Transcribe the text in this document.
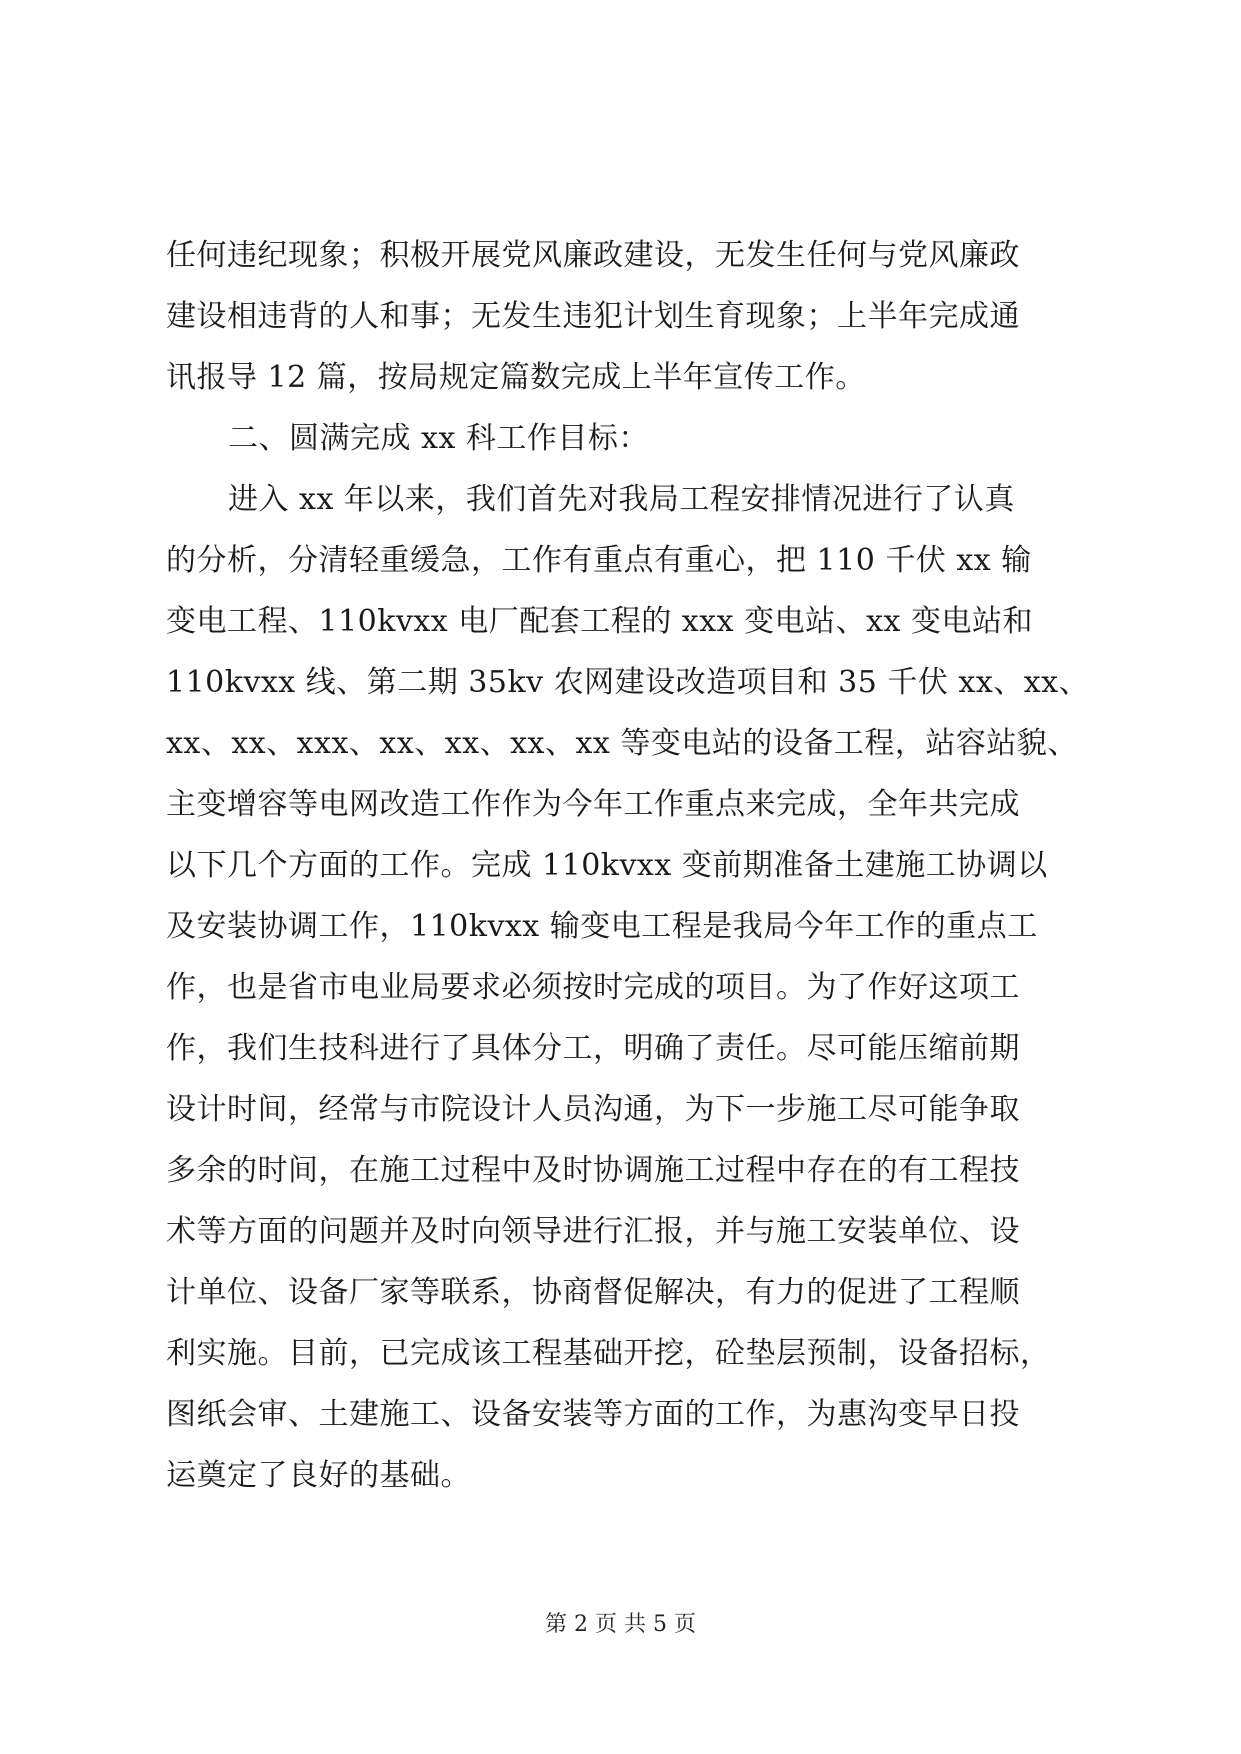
任何违纪现象；积极开展党风廉政建设，无发生任何与党风廉政
建设相违背的人和事；无发生违犯计划生育现象；上半年完成通
讯报导 12 篇，按局规定篇数完成上半年宣传工作。
二、圆满完成 xx 科工作目标：
进入 xx 年以来，我们首先对我局工程安排情况进行了认真
的分析，分清轻重缓急，工作有重点有重心，把 110 千伏 xx 输
变电工程、110kvxx 电厂配套工程的 xxx 变电站、xx 变电站和
110kvxx 线、第二期 35kv 农网建设改造项目和 35 千伏 xx、xx、
xx、xx、xxx、xx、xx、xx、xx 等变电站的设备工程，站容站貌、
主变增容等电网改造工作作为今年工作重点来完成，全年共完成
以下几个方面的工作。完成 110kvxx 变前期准备土建施工协调以
及安装协调工作，110kvxx 输变电工程是我局今年工作的重点工
作，也是省市电业局要求必须按时完成的项目。为了作好这项工
作，我们生技科进行了具体分工，明确了责任。尽可能压缩前期
设计时间，经常与市院设计人员沟通，为下一步施工尽可能争取
多余的时间，在施工过程中及时协调施工过程中存在的有工程技
术等方面的问题并及时向领导进行汇报，并与施工安装单位、设
计单位、设备厂家等联系，协商督促解决，有力的促进了工程顺
利实施。目前，已完成该工程基础开挖，砼垫层预制，设备招标，
图纸会审、土建施工、设备安装等方面的工作，为惠沟变早日投
运奠定了良好的基础。
第 2 页 共 5 页
